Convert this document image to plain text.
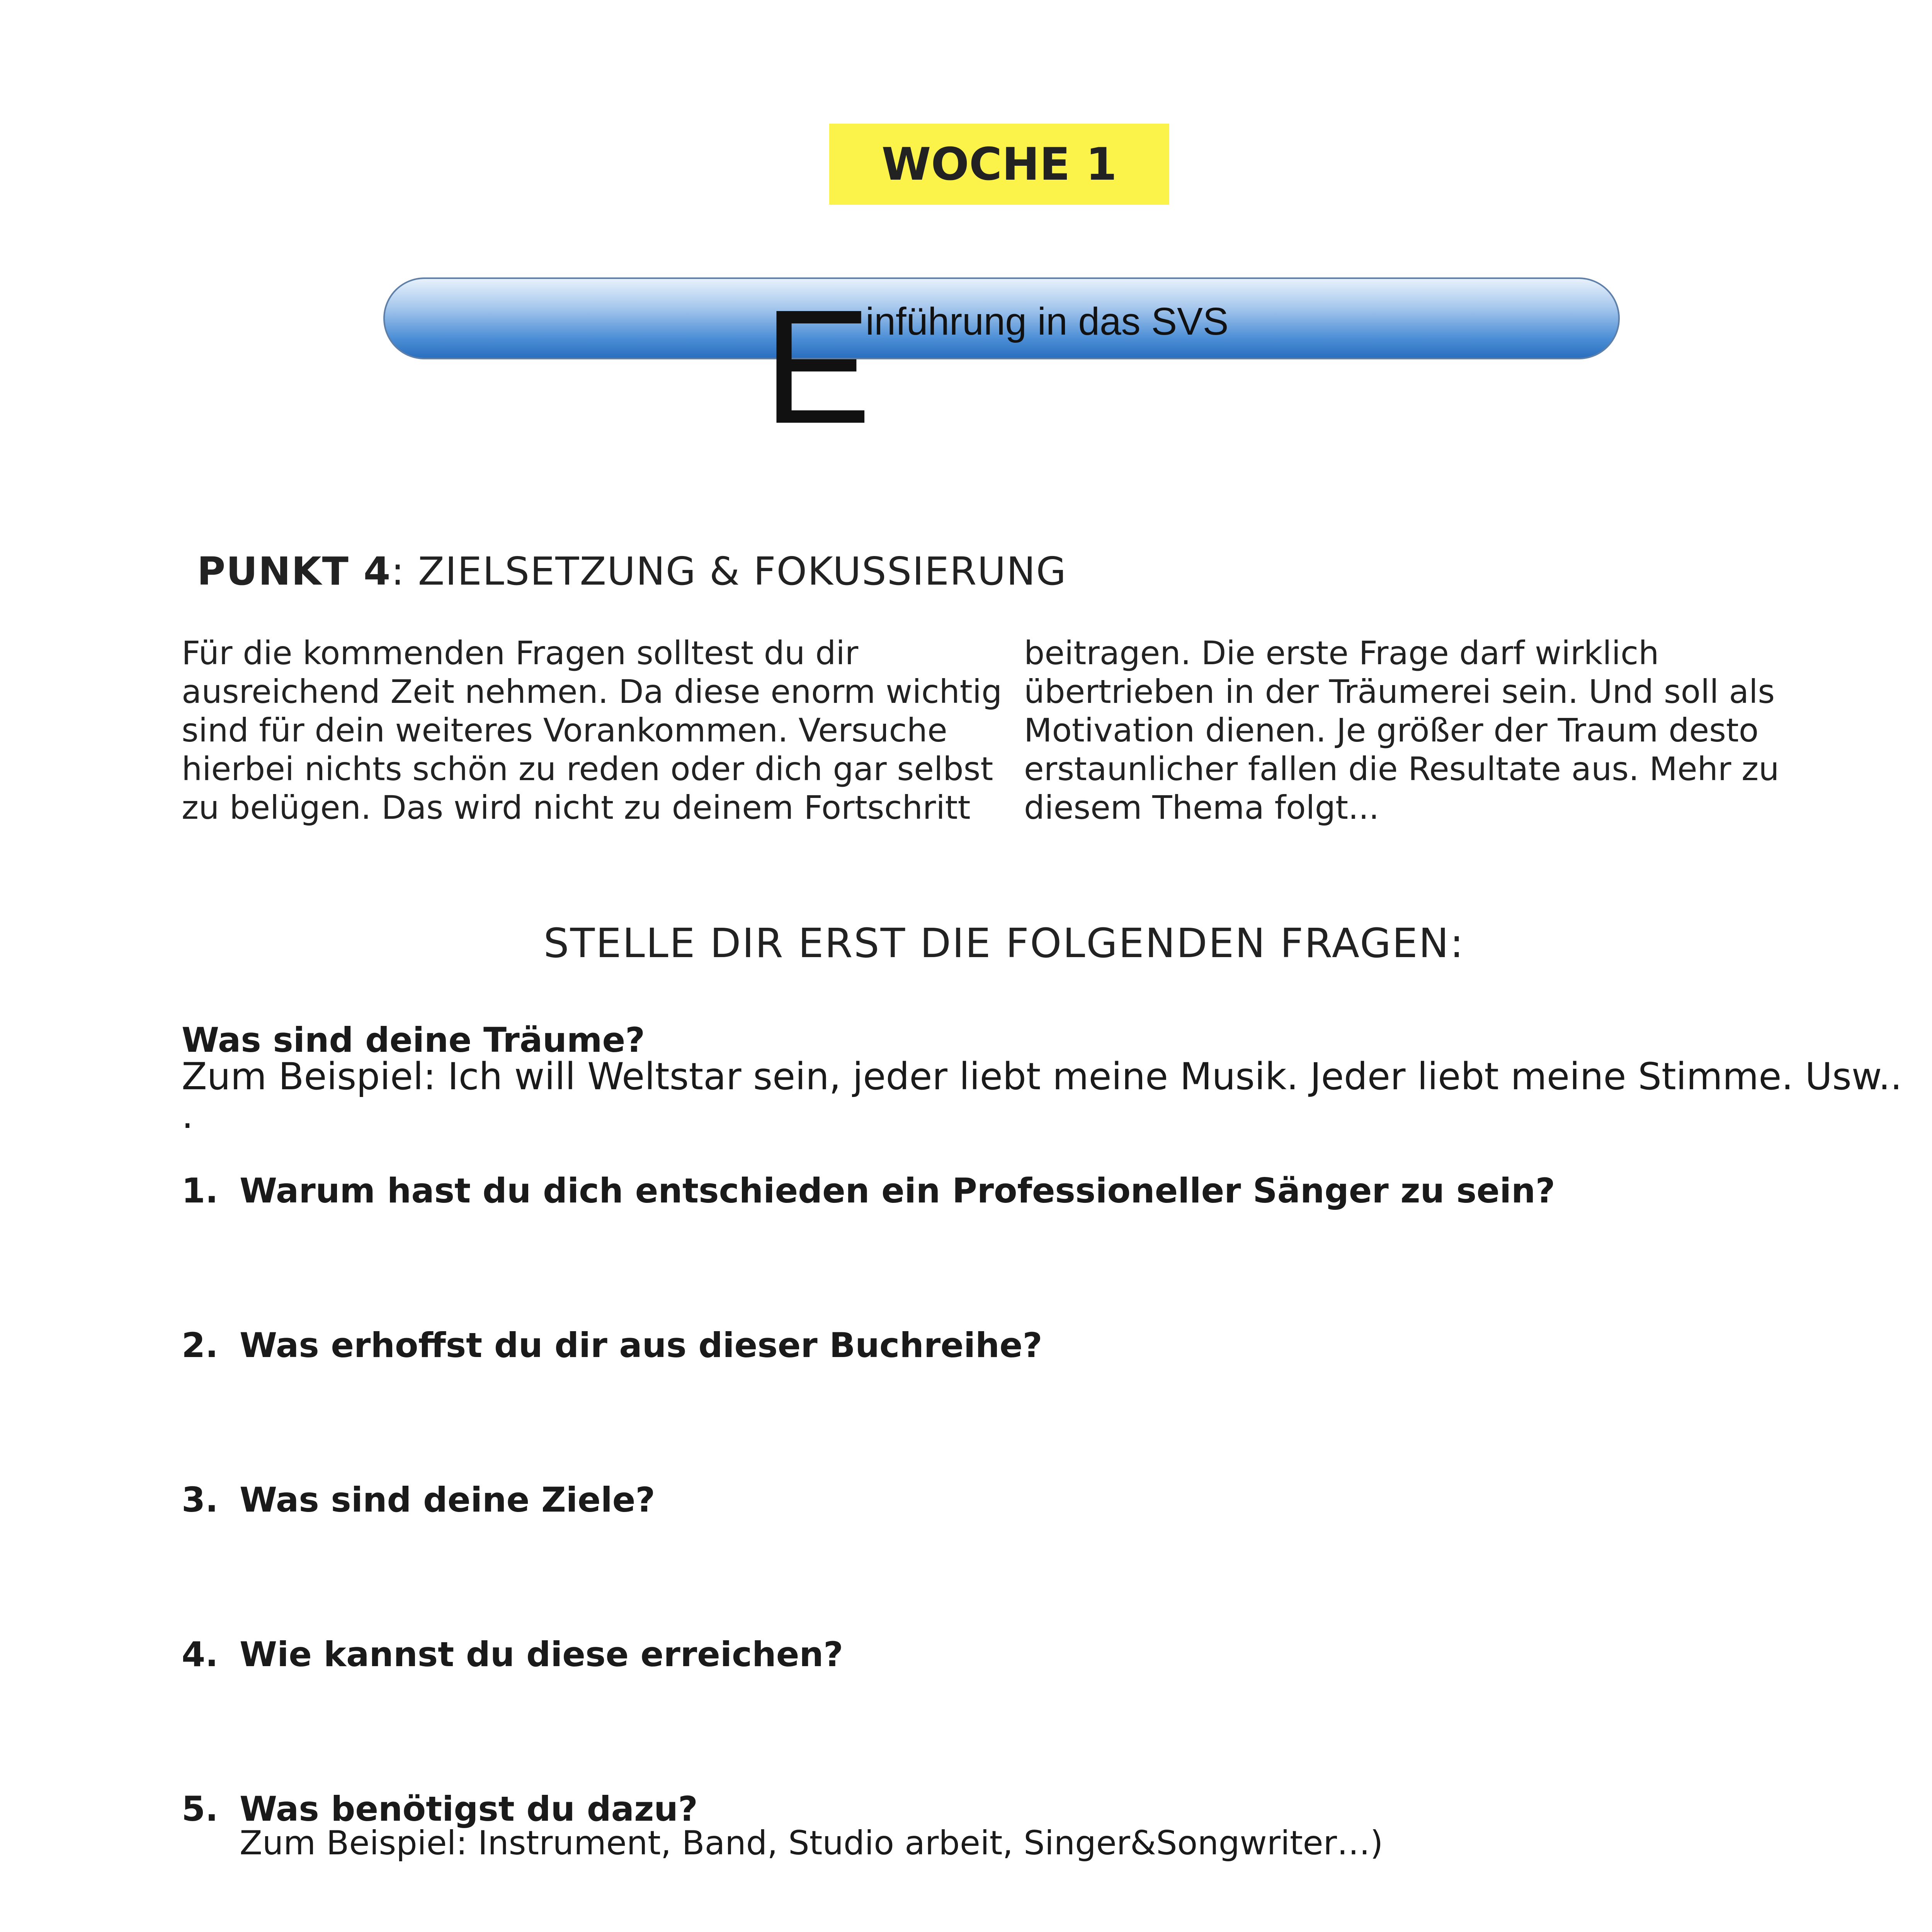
WOCHE 1
E
inführung in das SVS
PUNKT 4: ZIELSETZUNG & FOKUSSIERUNG
Für die kommenden Fragen solltest du dir
ausreichend Zeit nehmen. Da diese enorm wichtig
sind für dein weiteres Vorankommen. Versuche
hierbei nichts schön zu reden oder dich gar selbst
zu belügen. Das wird nicht zu deinem Fortschritt
beitragen. Die erste Frage darf wirklich
übertrieben in der Träumerei sein. Und soll als
Motivation dienen. Je größer der Traum desto
erstaunlicher fallen die Resultate aus. Mehr zu
diesem Thema folgt...
STELLE DIR ERST DIE FOLGENDEN FRAGEN:
Was sind deine Träume?
Zum Beispiel: Ich will Weltstar sein, jeder liebt meine Musik. Jeder liebt meine Stimme. Usw..
.
1. Warum hast du dich entschieden ein Professioneller Sänger zu sein?
2. Was erhoffst du dir aus dieser Buchreihe?
3. Was sind deine Ziele?
4. Wie kannst du diese erreichen?
5. Was benötigst du dazu?
Zum Beispiel: Instrument, Band, Studio arbeit, Singer&Songwriter…)
